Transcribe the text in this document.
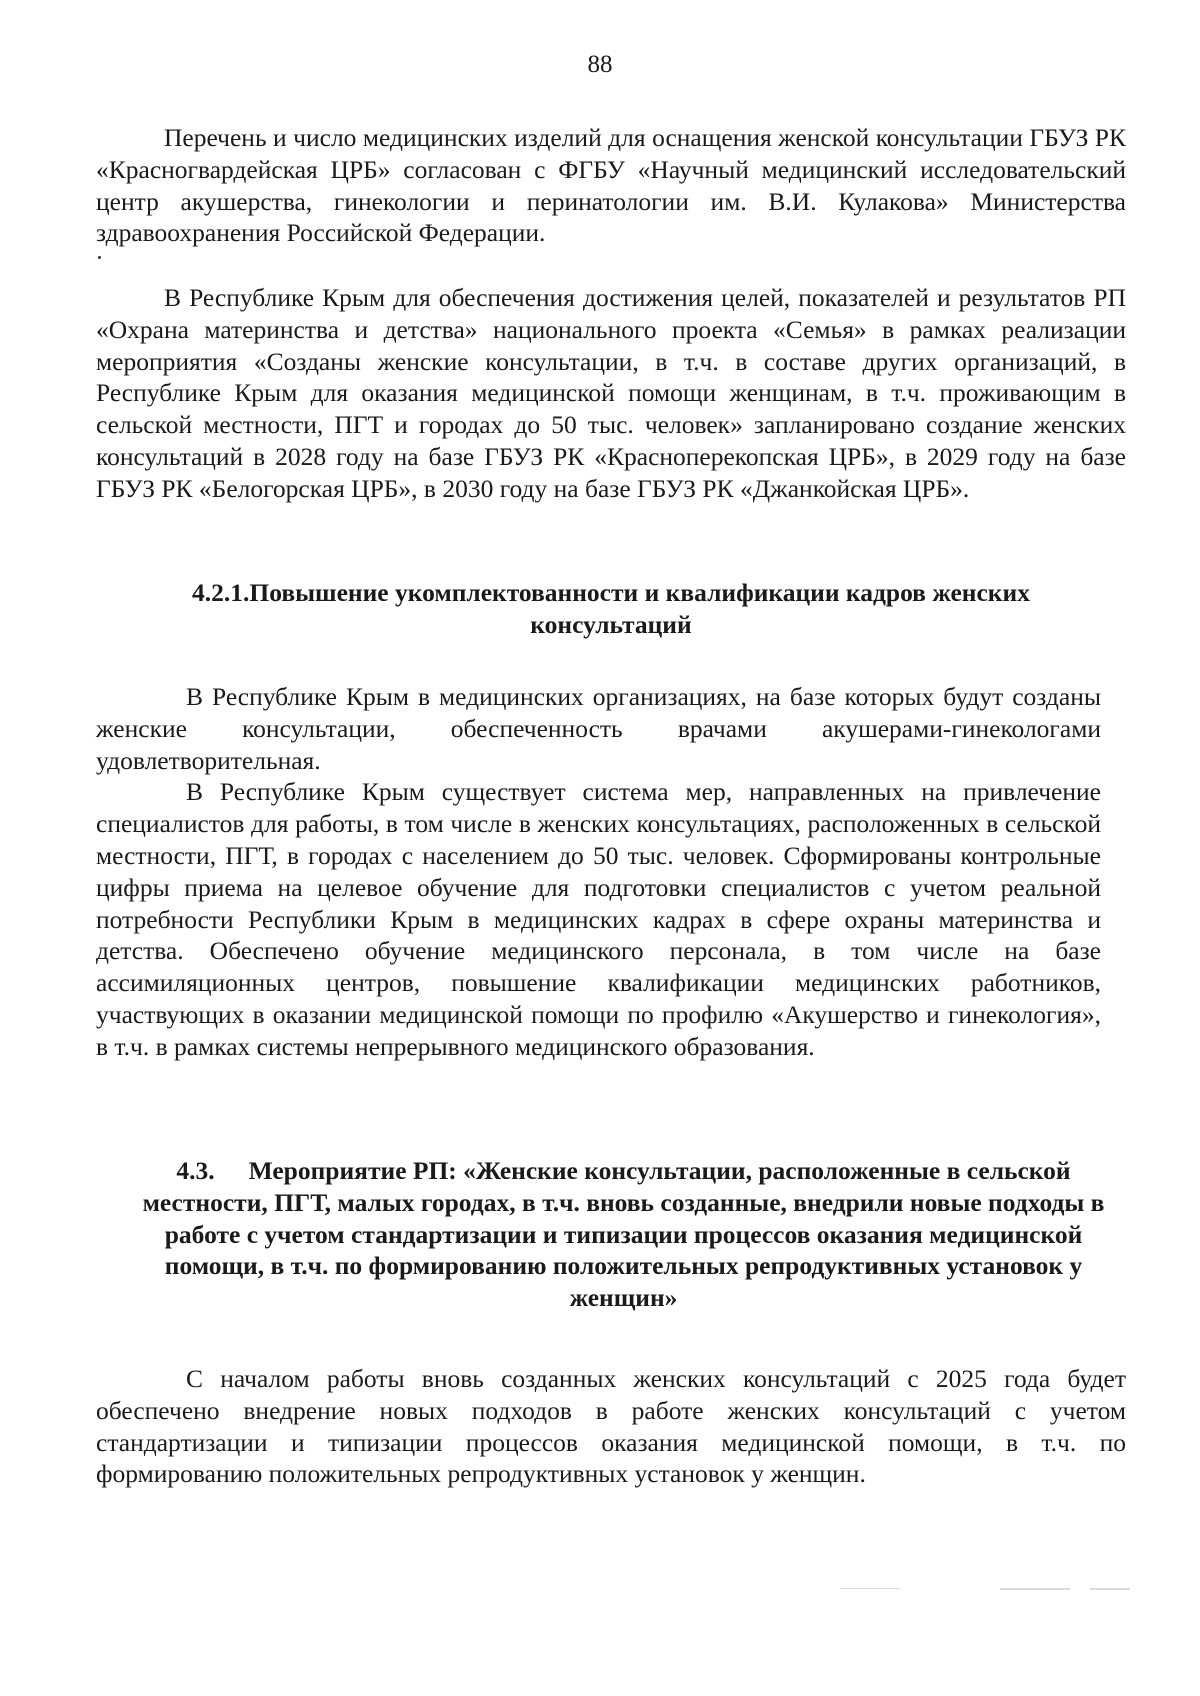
88

Перечень и число медицинских изделий для оснащения женской консультации ГБУЗ РК «Красногвардейская ЦРБ» согласован с ФГБУ «Научный медицинский исследовательский центр акушерства, гинекологии и перинатологии им. В.И. Кулакова» Министерства здравоохранения Российской Федерации.

В Республике Крым для обеспечения достижения целей, показателей и результатов РП «Охрана материнства и детства» национального проекта «Семья» в рамках реализации мероприятия «Созданы женские консультации, в т.ч. в составе других организаций, в Республике Крым для оказания медицинской помощи женщинам, в т.ч. проживающим в сельской местности, ПГТ и городах до 50 тыс. человек» запланировано создание женских консультаций в 2028 году на базе ГБУЗ РК «Красноперекопская ЦРБ», в 2029 году на базе ГБУЗ РК «Белогорская ЦРБ», в 2030 году на базе ГБУЗ РК «Джанкойская ЦРБ».

4.2.1.Повышение укомплектованности и квалификации кадров женских
консультаций

В Республике Крым в медицинских организациях, на базе которых будут созданы женские консультации, обеспеченность врачами акушерами-гинекологами удовлетворительная.

В Республике Крым существует система мер, направленных на привлечение специалистов для работы, в том числе в женских консультациях, расположенных в сельской местности, ПГТ, в городах с населением до 50 тыс. человек. Сформированы контрольные цифры приема на целевое обучение для подготовки специалистов с учетом реальной потребности Республики Крым в медицинских кадрах в сфере охраны материнства и детства. Обеспечено обучение медицинского персонала, в том числе на базе ассимиляционных центров, повышение квалификации медицинских работников, участвующих в оказании медицинской помощи по профилю «Акушерство и гинекология», в т.ч. в рамках системы непрерывного медицинского образования.

4.3. Мероприятие РП: «Женские консультации, расположенные в сельской местности, ПГТ, малых городах, в т.ч. вновь созданные, внедрили новые подходы в работе с учетом стандартизации и типизации процессов оказания медицинской помощи, в т.ч. по формированию положительных репродуктивных установок у женщин»

С началом работы вновь созданных женских консультаций с 2025 года будет обеспечено внедрение новых подходов в работе женских консультаций с учетом стандартизации и типизации процессов оказания медицинской помощи, в т.ч. по формированию положительных репродуктивных установок у женщин.
